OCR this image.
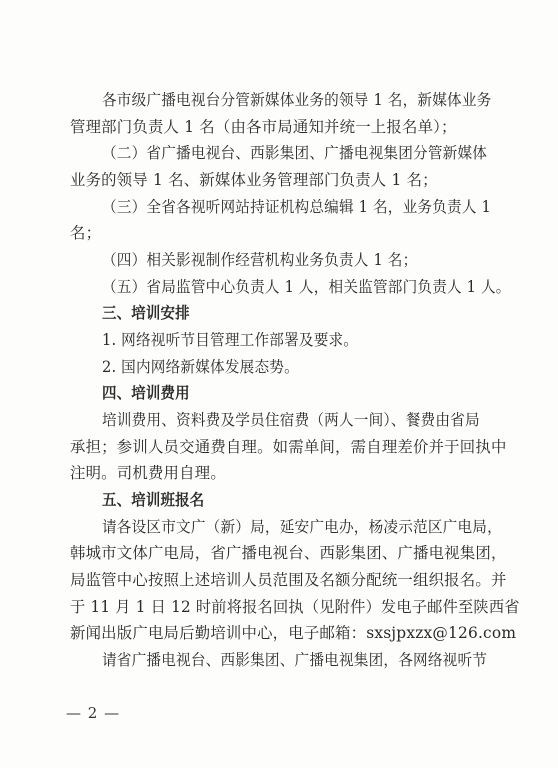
各市级广播电视台分管新媒体业务的领导 1 名，新媒体业务
管理部门负责人 1 名（由各市局通知并统一上报名单）；
（二）省广播电视台、西影集团、广播电视集团分管新媒体
业务的领导 1 名、新媒体业务管理部门负责人 1 名；
（三）全省各视听网站持证机构总编辑 1 名，业务负责人 1
名；
（四）相关影视制作经营机构业务负责人 1 名；
（五）省局监管中心负责人 1 人，相关监管部门负责人 1 人。
三、培训安排
1. 网络视听节目管理工作部署及要求。
2. 国内网络新媒体发展态势。
四、培训费用
培训费用、资料费及学员住宿费（两人一间）、餐费由省局
承担；参训人员交通费自理。如需单间，需自理差价并于回执中
注明。司机费用自理。
五、培训班报名
请各设区市文广（新）局，延安广电办，杨凌示范区广电局，
韩城市文体广电局，省广播电视台、西影集团、广播电视集团，
局监管中心按照上述培训人员范围及名额分配统一组织报名。并
于 11 月 1 日 12 时前将报名回执（见附件）发电子邮件至陕西省
新闻出版广电局后勤培训中心，电子邮箱：sxsjpxzx@126.com
请省广播电视台、西影集团、广播电视集团，各网络视听节
— 2 —
